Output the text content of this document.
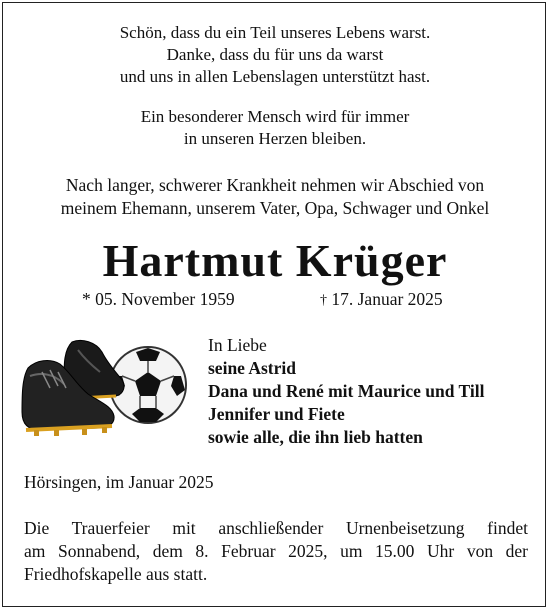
Schön, dass du ein Teil unseres Lebens warst.
Danke, dass du für uns da warst
und uns in allen Lebenslagen unterstützt hast.
Ein besonderer Mensch wird für immer
in unseren Herzen bleiben.
Nach langer, schwerer Krankheit nehmen wir Abschied von
meinem Ehemann, unserem Vater, Opa, Schwager und Onkel
Hartmut Krüger
* 05. November 1959	† 17. Januar 2025
In Liebe
seine Astrid
Dana und René mit Maurice und Till
Jennifer und Fiete
sowie alle, die ihn lieb hatten
Hörsingen, im Januar 2025
Die Trauerfeier mit anschließender Urnenbeisetzung findet
am Sonnabend, dem 8. Februar 2025, um 15.00 Uhr von der
Friedhofskapelle aus statt.
